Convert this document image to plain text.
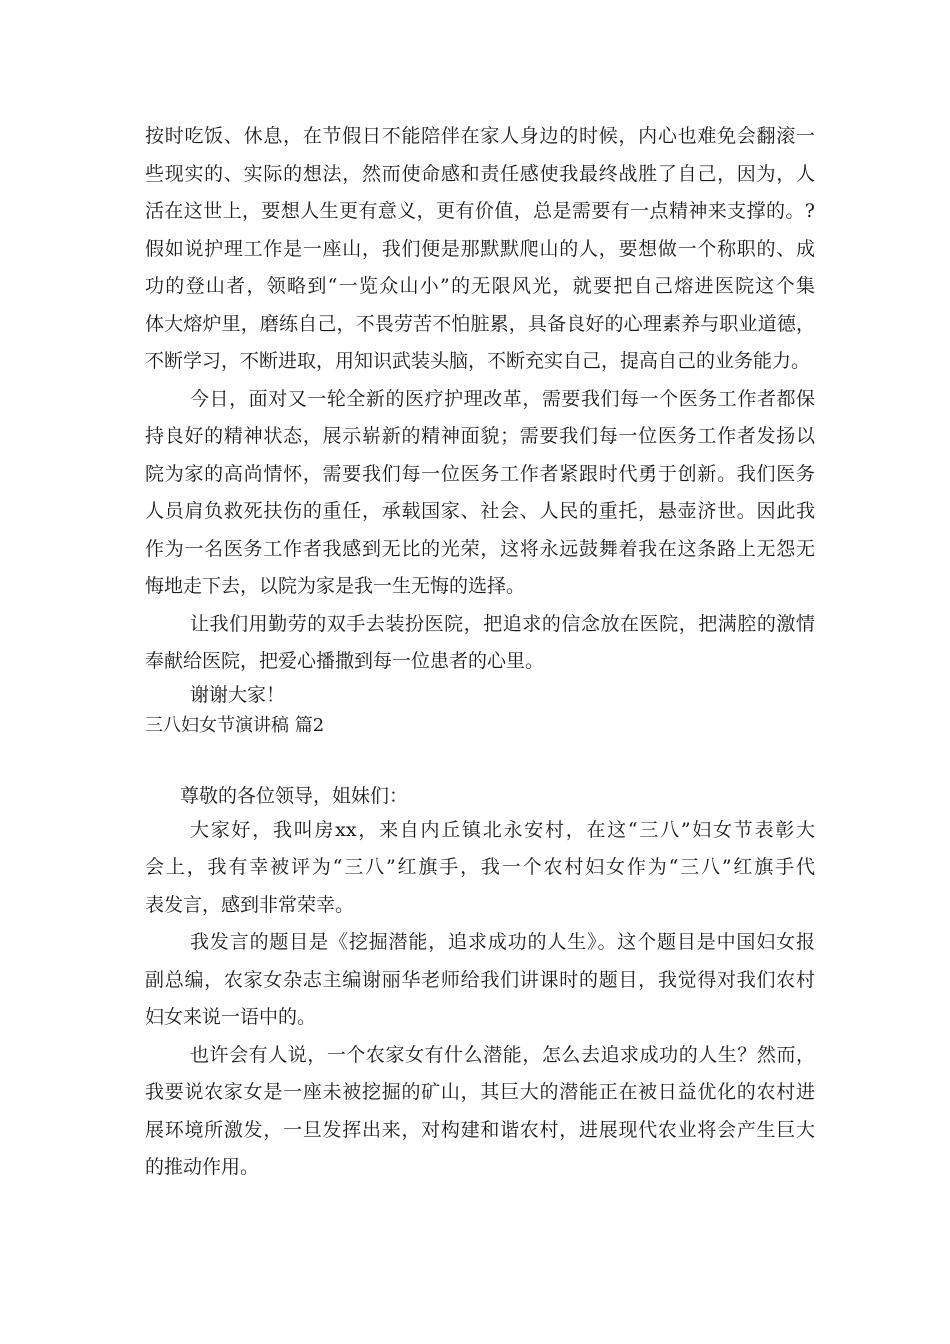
按时吃饭、休息，在节假日不能陪伴在家人身边的时候，内心也难免会翻滚一
些现实的、实际的想法，然而使命感和责任感使我最终战胜了自己，因为，人
活在这世上，要想人生更有意义，更有价值，总是需要有一点精神来支撑的。?
假如说护理工作是一座山，我们便是那默默爬山的人，要想做一个称职的、成
功的登山者，领略到“一览众山小”的无限风光，就要把自己熔进医院这个集
体大熔炉里，磨练自己，不畏劳苦不怕脏累，具备良好的心理素养与职业道德，
不断学习，不断进取，用知识武装头脑，不断充实自己，提高自己的业务能力。
今日，面对又一轮全新的医疗护理改革，需要我们每一个医务工作者都保
持良好的精神状态，展示崭新的精神面貌；需要我们每一位医务工作者发扬以
院为家的高尚情怀，需要我们每一位医务工作者紧跟时代勇于创新。我们医务
人员肩负救死扶伤的重任，承载国家、社会、人民的重托，悬壶济世。因此我
作为一名医务工作者我感到无比的光荣，这将永远鼓舞着我在这条路上无怨无
悔地走下去，以院为家是我一生无悔的选择。
让我们用勤劳的双手去装扮医院，把追求的信念放在医院，把满腔的激情
奉献给医院，把爱心播撒到每一位患者的心里。
谢谢大家！
三八妇女节演讲稿 篇2
尊敬的各位领导，姐妹们：
大家好，我叫房xx，来自内丘镇北永安村，在这“三八”妇女节表彰大
会上，我有幸被评为“三八”红旗手，我一个农村妇女作为“三八”红旗手代
表发言，感到非常荣幸。
我发言的题目是《挖掘潜能，追求成功的人生》。这个题目是中国妇女报
副总编，农家女杂志主编谢丽华老师给我们讲课时的题目，我觉得对我们农村
妇女来说一语中的。
也许会有人说，一个农家女有什么潜能，怎么去追求成功的人生？然而，
我要说农家女是一座未被挖掘的矿山，其巨大的潜能正在被日益优化的农村进
展环境所激发，一旦发挥出来，对构建和谐农村，进展现代农业将会产生巨大
的推动作用。
